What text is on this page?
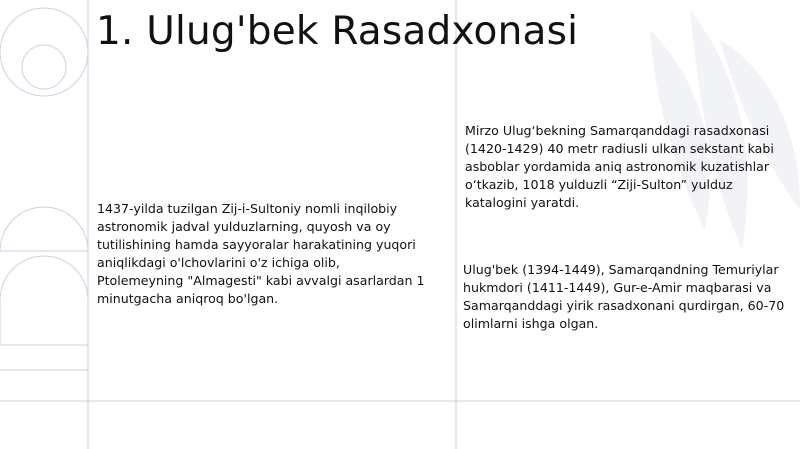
1. Ulug'bek Rasadxonasi

Mirzo Ulug‘bekning Samarqanddagi rasadxonasi (1420-1429) 40 metr radiusli ulkan sekstant kabi asboblar yordamida aniq astronomik kuzatishlar o‘tkazib, 1018 yulduzli “Ziji-Sulton” yulduz katalogini yaratdi.

1437-yilda tuzilgan Zij-i-Sultoniy nomli inqilobiy astronomik jadval yulduzlarning, quyosh va oy tutilishining hamda sayyoralar harakatining yuqori aniqlikdagi o'lchovlarini o'z ichiga olib, Ptolemeyning "Almagesti" kabi avvalgi asarlardan 1 minutgacha aniqroq bo'lgan.

Ulug'bek (1394-1449), Samarqandning Temuriylar hukmdori (1411-1449), Gur-e-Amir maqbarasi va Samarqanddagi yirik rasadxonani qurdirgan, 60-70 olimlarni ishga olgan.
